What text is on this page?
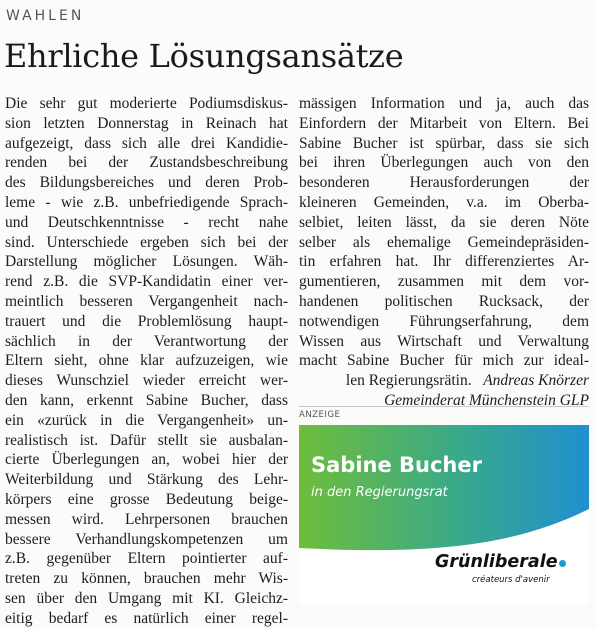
WAHLEN
Ehrliche Lösungsansätze
Die sehr gut moderierte Podiumsdiskus-
sion letzten Donnerstag in Reinach hat
aufgezeigt, dass sich alle drei Kandidie-
renden bei der Zustandsbeschreibung
des Bildungsbereiches und deren Prob-
leme - wie z.B. unbefriedigende Sprach-
und Deutschkenntnisse - recht nahe
sind. Unterschiede ergeben sich bei der
Darstellung möglicher Lösungen. Wäh-
rend z.B. die SVP-Kandidatin einer ver-
meintlich besseren Vergangenheit nach-
trauert und die Problemlösung haupt-
sächlich in der Verantwortung der
Eltern sieht, ohne klar aufzuzeigen, wie
dieses Wunschziel wieder erreicht wer-
den kann, erkennt Sabine Bucher, dass
ein «zurück in die Vergangenheit» un-
realistisch ist. Dafür stellt sie ausbalan-
cierte Überlegungen an, wobei hier der
Weiterbildung und Stärkung des Lehr-
körpers eine grosse Bedeutung beige-
messen wird. Lehrpersonen brauchen
bessere Verhandlungskompetenzen um
z.B. gegenüber Eltern pointierter auf-
treten zu können, brauchen mehr Wis-
sen über den Umgang mit KI. Gleichz-
eitig bedarf es natürlich einer regel-
mässigen Information und ja, auch das
Einfordern der Mitarbeit von Eltern. Bei
Sabine Bucher ist spürbar, dass sie sich
bei ihren Überlegungen auch von den
besonderen Herausforderungen der
kleineren Gemeinden, v.a. im Oberba-
selbiet, leiten lässt, da sie deren Nöte
selber als ehemalige Gemeindepräsiden-
tin erfahren hat. Ihr differenziertes Ar-
gumentieren, zusammen mit dem vor-
handenen politischen Rucksack, der
notwendigen Führungserfahrung, dem
Wissen aus Wirtschaft und Verwaltung
macht Sabine Bucher für mich zur ideal-
len Regierungsrätin. Andreas Knörzer
Gemeinderat Münchenstein GLP
ANZEIGE
Sabine Bucher
in den Regierungsrat
Grünliberale
créateurs d'avenir
